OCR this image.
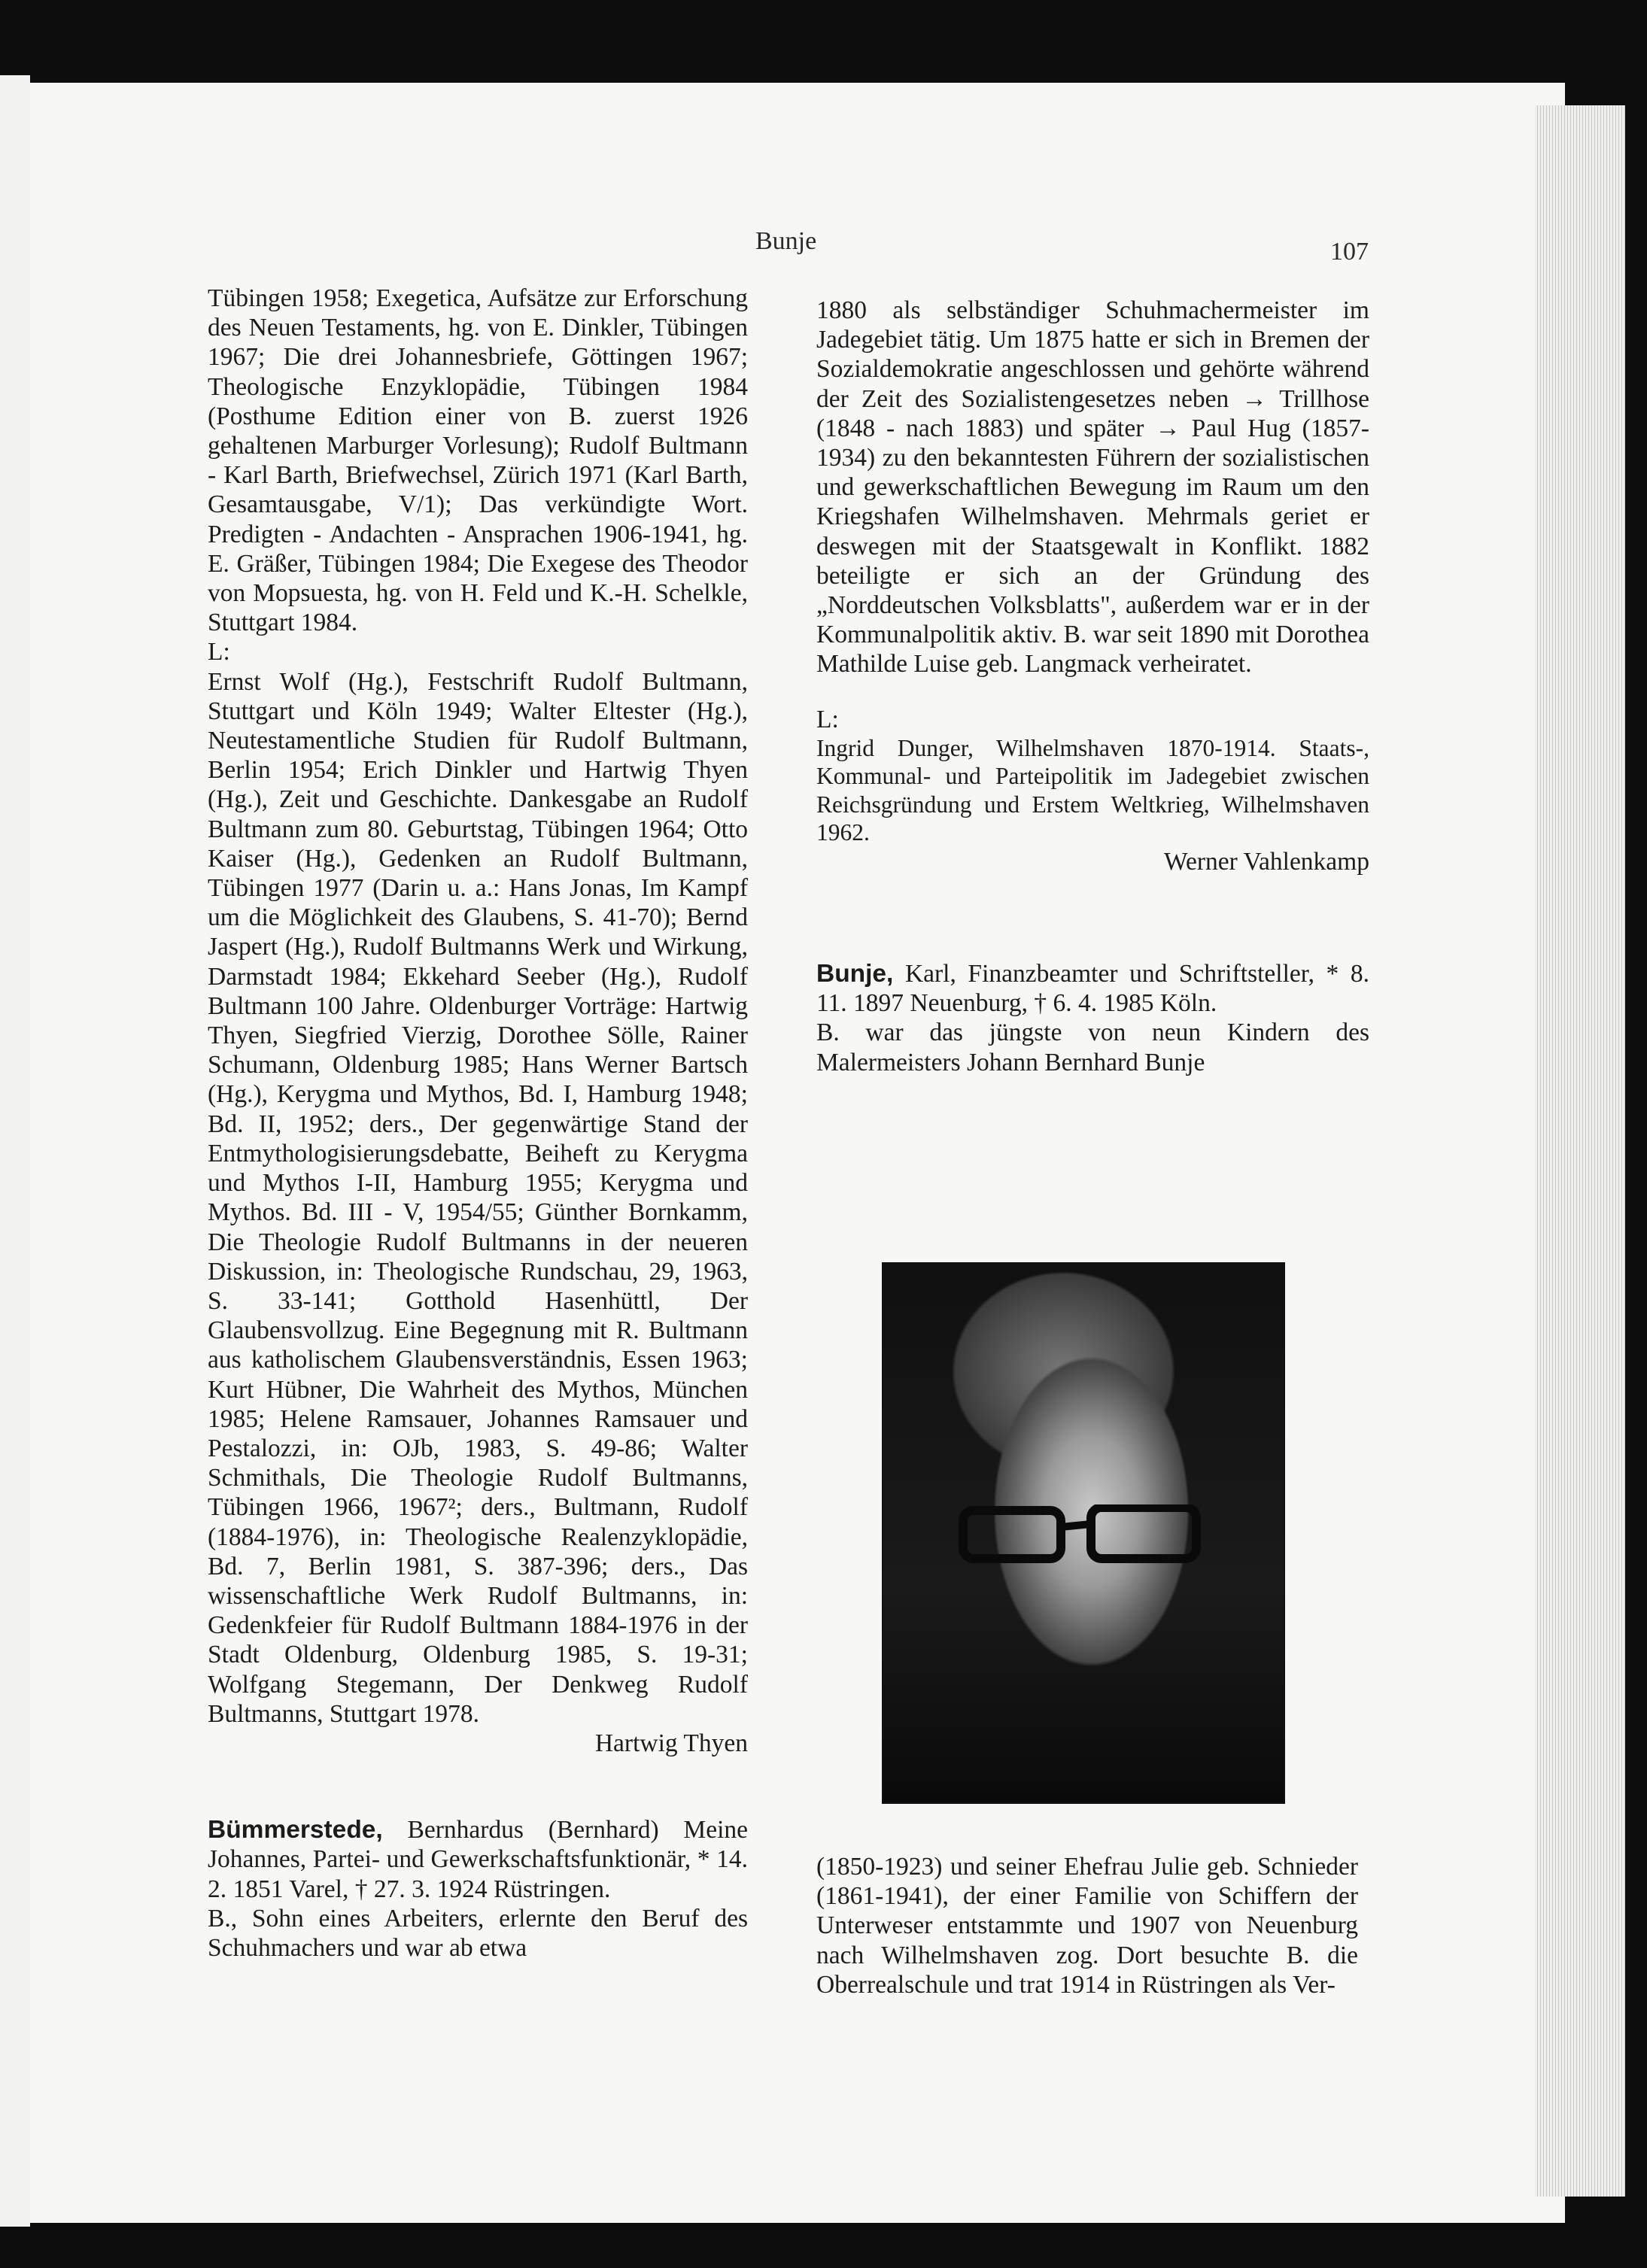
Bunje	107

Tübingen 1958; Exegetica, Aufsätze zur Erforschung des Neuen Testaments, hg. von E. Dinkler, Tübingen 1967; Die drei Johannesbriefe, Göttingen 1967; Theologische Enzyklopädie, Tübingen 1984 (Posthume Edition einer von B. zuerst 1926 gehaltenen Marburger Vorlesung); Rudolf Bultmann - Karl Barth, Briefwechsel, Zürich 1971 (Karl Barth, Gesamtausgabe, V/1); Das verkündigte Wort. Predigten - Andachten - Ansprachen 1906-1941, hg. E. Gräßer, Tübingen 1984; Die Exegese des Theodor von Mopsuesta, hg. von H. Feld und K.-H. Schelkle, Stuttgart 1984.

L:

Ernst Wolf (Hg.), Festschrift Rudolf Bultmann, Stuttgart und Köln 1949; Walter Eltester (Hg.), Neutestamentliche Studien für Rudolf Bultmann, Berlin 1954; Erich Dinkler und Hartwig Thyen (Hg.), Zeit und Geschichte. Dankesgabe an Rudolf Bultmann zum 80. Geburtstag, Tübingen 1964; Otto Kaiser (Hg.), Gedenken an Rudolf Bultmann, Tübingen 1977 (Darin u. a.: Hans Jonas, Im Kampf um die Möglichkeit des Glaubens, S. 41-70); Bernd Jaspert (Hg.), Rudolf Bultmanns Werk und Wirkung, Darmstadt 1984; Ekkehard Seeber (Hg.), Rudolf Bultmann 100 Jahre. Oldenburger Vorträge: Hartwig Thyen, Siegfried Vierzig, Dorothee Sölle, Rainer Schumann, Oldenburg 1985; Hans Werner Bartsch (Hg.), Kerygma und Mythos, Bd. I, Hamburg 1948; Bd. II, 1952; ders., Der gegenwärtige Stand der Entmythologisierungsdebatte, Beiheft zu Kerygma und Mythos I-II, Hamburg 1955; Kerygma und Mythos. Bd. III - V, 1954/55; Günther Bornkamm, Die Theologie Rudolf Bultmanns in der neueren Diskussion, in: Theologische Rundschau, 29, 1963, S. 33-141; Gotthold Hasenhüttl, Der Glaubensvollzug. Eine Begegnung mit R. Bultmann aus katholischem Glaubensverständnis, Essen 1963; Kurt Hübner, Die Wahrheit des Mythos, München 1985; Helene Ramsauer, Johannes Ramsauer und Pestalozzi, in: OJb, 1983, S. 49-86; Walter Schmithals, Die Theologie Rudolf Bultmanns, Tübingen 1966, 1967²; ders., Bultmann, Rudolf (1884-1976), in: Theologische Realenzyklopädie, Bd. 7, Berlin 1981, S. 387-396; ders., Das wissenschaftliche Werk Rudolf Bultmanns, in: Gedenkfeier für Rudolf Bultmann 1884-1976 in der Stadt Oldenburg, Oldenburg 1985, S. 19-31; Wolfgang Stegemann, Der Denkweg Rudolf Bultmanns, Stuttgart 1978.

Hartwig Thyen

Bümmerstede, Bernhardus (Bernhard) Meine Johannes, Partei- und Gewerkschaftsfunktionär, * 14. 2. 1851 Varel, † 27. 3. 1924 Rüstringen.

B., Sohn eines Arbeiters, erlernte den Beruf des Schuhmachers und war ab etwa

1880 als selbständiger Schuhmachermeister im Jadegebiet tätig. Um 1875 hatte er sich in Bremen der Sozialdemokratie angeschlossen und gehörte während der Zeit des Sozialistengesetzes neben → Trillhose (1848 - nach 1883) und später → Paul Hug (1857-1934) zu den bekanntesten Führern der sozialistischen und gewerkschaftlichen Bewegung im Raum um den Kriegshafen Wilhelmshaven. Mehrmals geriet er deswegen mit der Staatsgewalt in Konflikt. 1882 beteiligte er sich an der Gründung des „Norddeutschen Volksblatts", außerdem war er in der Kommunalpolitik aktiv. B. war seit 1890 mit Dorothea Mathilde Luise geb. Langmack verheiratet.

L:

Ingrid Dunger, Wilhelmshaven 1870-1914. Staats-, Kommunal- und Parteipolitik im Jadegebiet zwischen Reichsgründung und Erstem Weltkrieg, Wilhelmshaven 1962.

Werner Vahlenkamp

Bunje, Karl, Finanzbeamter und Schriftsteller, * 8. 11. 1897 Neuenburg, † 6. 4. 1985 Köln.

B. war das jüngste von neun Kindern des Malermeisters Johann Bernhard Bunje

(1850-1923) und seiner Ehefrau Julie geb. Schnieder (1861-1941), der einer Familie von Schiffern der Unterweser entstammte und 1907 von Neuenburg nach Wilhelmshaven zog. Dort besuchte B. die Oberrealschule und trat 1914 in Rüstringen als Ver-
